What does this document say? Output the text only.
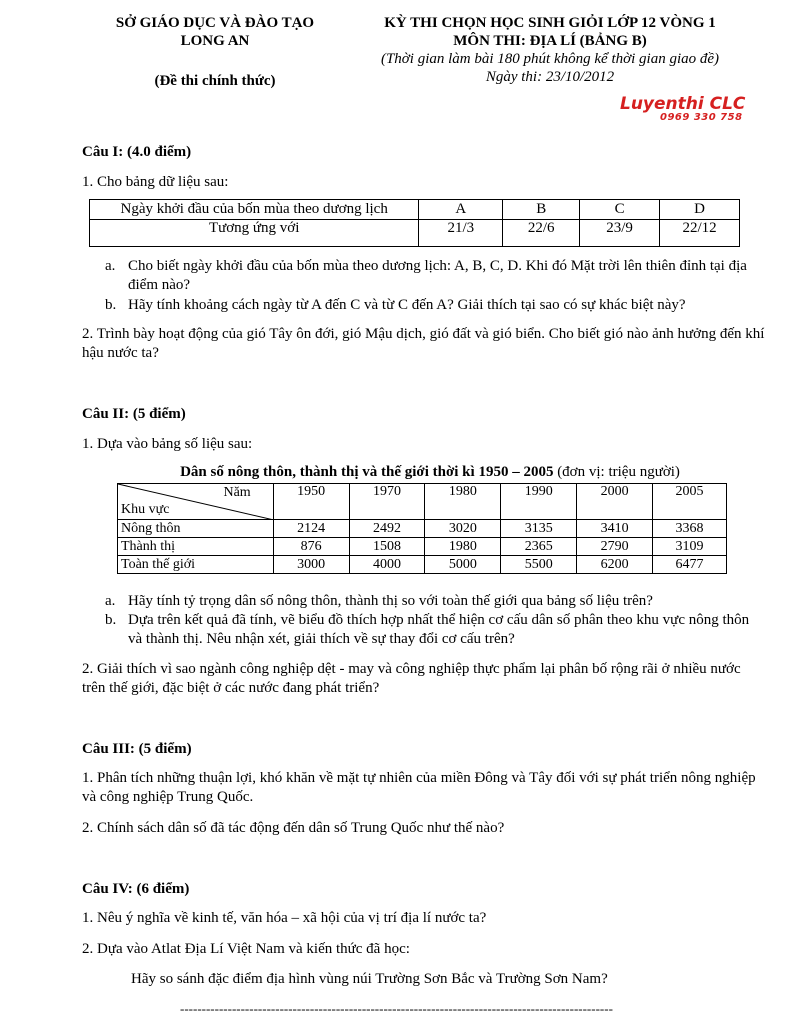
SỞ GIÁO DỤC VÀ ĐÀO TẠO
LONG AN
(Đề thi chính thức)
KỲ THI CHỌN HỌC SINH GIỎI LỚP 12 VÒNG 1
MÔN THI: ĐỊA LÍ (BẢNG B)
(Thời gian làm bài 180 phút không kể thời gian giao đề)
Ngày thi: 23/10/2012
Luyenthi CLC
0969 330 758
Câu I: (4.0 điểm)
1. Cho bảng dữ liệu sau:
Ngày khởi đầu của bốn mùa theo dương lịch	A	B	C	D
Tương ứng với	21/3	22/6	23/9	22/12
a. Cho biết ngày khởi đầu của bốn mùa theo dương lịch: A, B, C, D. Khi đó Mặt trời lên thiên đỉnh tại địa điểm nào?
b. Hãy tính khoảng cách ngày từ A đến C và từ C đến A? Giải thích tại sao có sự khác biệt này?
2. Trình bày hoạt động của gió Tây ôn đới, gió Mậu dịch, gió đất và gió biển. Cho biết gió nào ảnh hưởng đến khí hậu nước ta?
Câu II: (5 điểm)
1. Dựa vào bảng số liệu sau:
Dân số nông thôn, thành thị và thế giới thời kì 1950 – 2005 (đơn vị: triệu người)
Năm
Khu vực	1950	1970	1980	1990	2000	2005
Nông thôn	2124	2492	3020	3135	3410	3368
Thành thị	876	1508	1980	2365	2790	3109
Toàn thế giới	3000	4000	5000	5500	6200	6477
a. Hãy tính tỷ trọng dân số nông thôn, thành thị so với toàn thế giới qua bảng số liệu trên?
b. Dựa trên kết quả đã tính, vẽ biểu đồ thích hợp nhất thể hiện cơ cấu dân số phân theo khu vực nông thôn và thành thị. Nêu nhận xét, giải thích về sự thay đổi cơ cấu trên?
2. Giải thích vì sao ngành công nghiệp dệt - may và công nghiệp thực phẩm lại phân bố rộng rãi ở nhiều nước trên thế giới, đặc biệt ở các nước đang phát triển?
Câu III: (5 điểm)
1. Phân tích những thuận lợi, khó khăn về mặt tự nhiên của miền Đông và Tây đối với sự phát triển nông nghiệp và công nghiệp Trung Quốc.
2. Chính sách dân số đã tác động đến dân số Trung Quốc như thế nào?
Câu IV: (6 điểm)
1. Nêu ý nghĩa về kinh tế, văn hóa – xã hội của vị trí địa lí nước ta?
2. Dựa vào Atlat Địa Lí Việt Nam và kiến thức đã học:
Hãy so sánh đặc điểm địa hình vùng núi Trường Sơn Bắc và Trường Sơn Nam?
----------------------------------------------------------------------------------------------------
